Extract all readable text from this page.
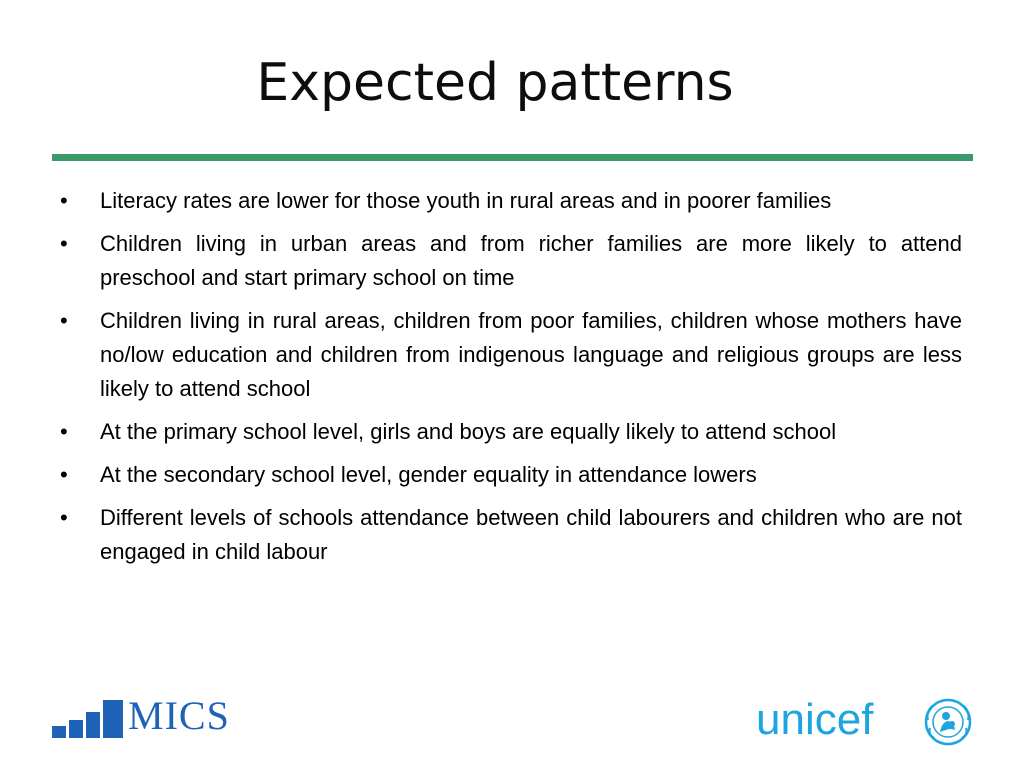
Expected patterns
•	Literacy rates are lower for those youth in rural areas and in poorer families
•	Children living in urban areas and from richer families are more likely to attend preschool and start primary school on time
•	Children living in rural areas, children from poor families, children whose mothers have no/low education and children from indigenous language and religious groups are less likely to attend school
•	At the primary school level, girls and boys are equally likely to attend school
•	At the secondary school level, gender equality in attendance lowers
•	Different levels of schools attendance between child labourers and children who are not engaged in child labour
MICS	unicef
